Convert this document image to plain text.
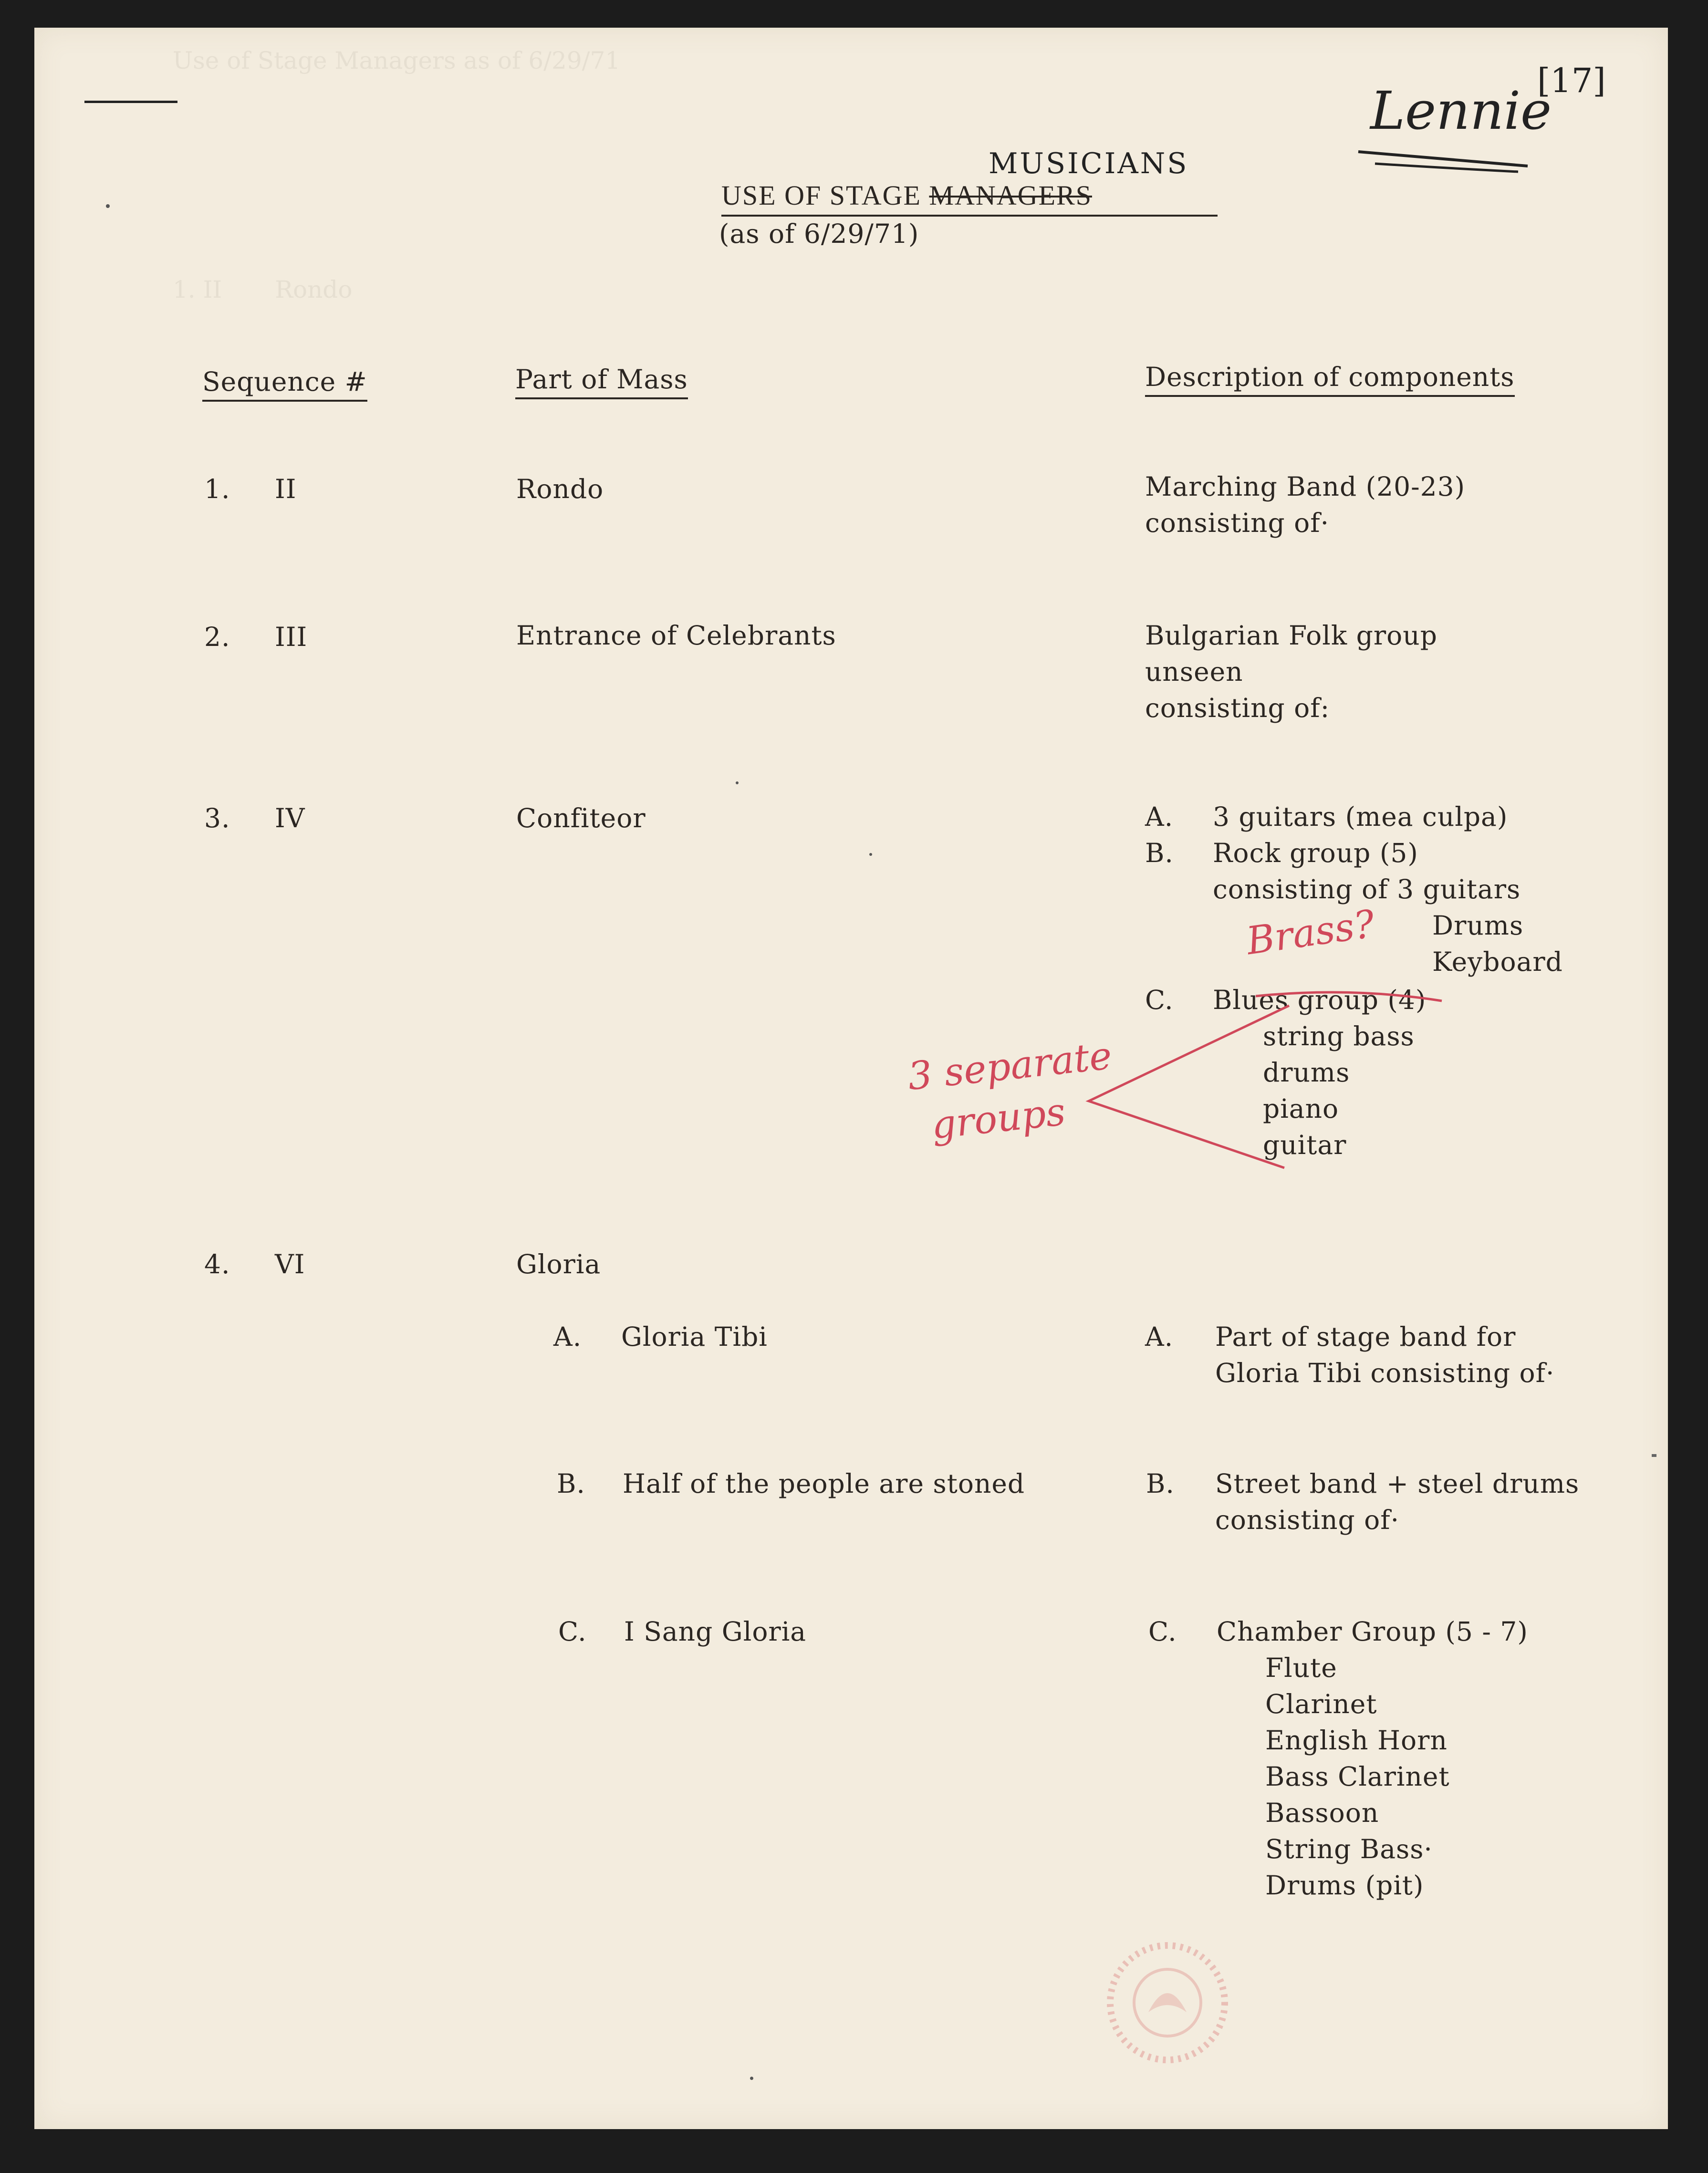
Use of Stage Managers as of 6/29/71
1. II       Rondo
Lennie
[17]
MUSICIANS
USE OF STAGE MANAGERS
(as of 6/29/71)
Sequence #	Part of Mass	Description of components
1. II	Rondo	Marching Band (20-23)
consisting of·
2. III	Entrance of Celebrants	Bulgarian Folk group
unseen
consisting of:
3. IV	Confiteor	A. 3 guitars (mea culpa)
B. Rock group (5)
consisting of 3 guitars
Drums
Keyboard
C. Blues group (4)
string bass
drums
piano
guitar
Brass?
3 separate
groups
4. VI	Gloria
A. Gloria Tibi	A. Part of stage band for
Gloria Tibi consisting of·
B. Half of the people are stoned	B. Street band + steel drums
consisting of·
C. I Sang Gloria	C. Chamber Group (5 - 7)
Flute
Clarinet
English Horn
Bass Clarinet
Bassoon
String Bass·
Drums (pit)
